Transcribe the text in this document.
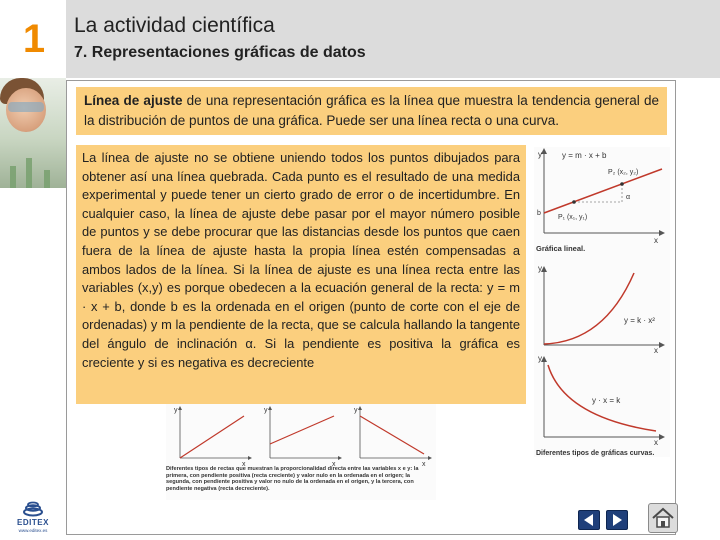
1	La actividad científica
7. Representaciones gráficas de datos
Línea de ajuste de una representación gráfica es la línea que muestra la tendencia general de la distribución de puntos de una gráfica. Puede ser una línea recta o una curva.
La línea de ajuste no se obtiene uniendo todos los puntos dibujados para obtener así una línea quebrada. Cada punto es el resultado de una medida experimental y puede tener un cierto grado de error o de incertidumbre. En cualquier caso, la línea de ajuste debe pasar por el mayor número posible de puntos y se debe procurar que las distancias desde los puntos que caen fuera de la línea de ajuste hasta la propia línea estén compensadas a ambos lados de la línea. Si la línea de ajuste es una línea recta entre las variables (x,y) es porque obedecen a la ecuación general de la recta: y = m · x + b, donde b es la ordenada en el origen (punto de corte con el eje de ordenadas) y m la pendiente de la recta, que se calcula hallando la tangente del ángulo de inclinación α. Si la pendiente es positiva la gráfica es creciente y si es negativa es decreciente
y
x
y = m · x + b
P₂ (x₂, y₂)
P₁ (x₁, y₁)
α
b
Gráfica lineal.
y
x
y = k · x²
y
x
y · x = k
Diferentes tipos de gráficas curvas.
y
x
y
x
y
x
Diferentes tipos de rectas que muestran la proporcionalidad directa entre las variables x e y: la primera, con pendiente positiva (recta creciente) y valor nulo en la ordenada en el origen; la segunda, con pendiente positiva y valor no nulo de la ordenada en el origen, y la tercera, con pendiente negativa (recta decreciente).
EDITEX
www.editex.es
